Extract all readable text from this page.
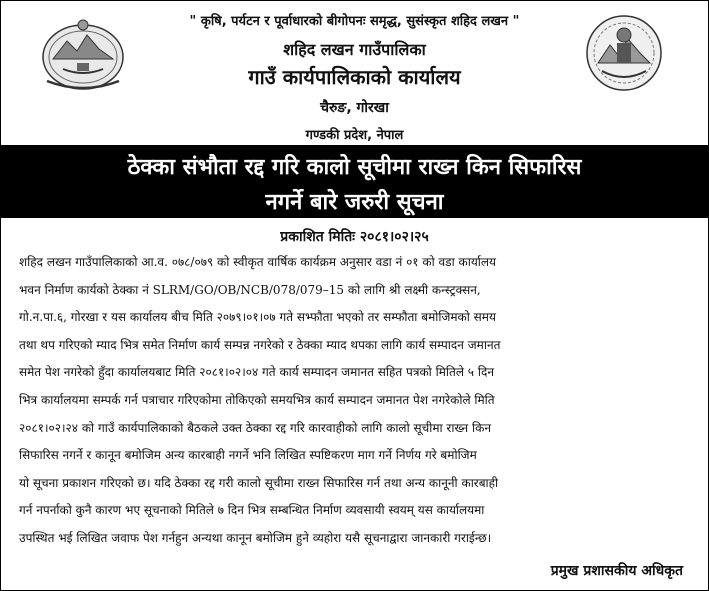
" कृषि, पर्यटन र पूर्वाधारको बीगोपनः समृद्ध, सुसंस्कृत शहिद लखन "
शहिद लखन गाउँपालिका
गाउँ कार्यपालिकाको कार्यालय
चैरुङ, गोरखा
गण्डकी प्रदेश, नेपाल
ठेक्का संभौता रद्द गरि कालो सूचीमा राख्न किन सिफारिस
नगर्ने बारे जरुरी सूचना
प्रकाशित मितिः २०८१।०२।२५
शहिद लखन गाउँपालिकाको आ.व. ०७८/०७९ को स्वीकृत वार्षिक कार्यक्रम अनुसार वडा नं ०१ को वडा कार्यालय
भवन निर्माण कार्यको ठेक्का नं SLRM/GO/OB/NCB/078/079–15 को लागि श्री लक्ष्मी कन्स्ट्रक्सन,
गो.न.पा.६, गोरखा र यस कार्यालय बीच मिति २०७९।०१।०७ गते सभ्फौता भएको तर सम्फौता बमोजिमको समय
तथा थप गरिएको म्याद भित्र समेत निर्माण कार्य सम्पन्न नगरेको र ठेक्का म्याद थपका लागि कार्य सम्पादन जमानत
समेत पेश नगरेको हुँदा कार्यालयबाट मिति २०८१।०२।०४ गते कार्य सम्पादन जमानत सहित पत्रको मितिले ५ दिन
भित्र कार्यालयमा सम्पर्क गर्न पत्राचार गरिएकोमा तोकिएको समयभित्र कार्य सम्पादन जमानत पेश नगरेकोले मिति
२०८१।०२।२४ को गाउँ कार्यपालिकाको बैठकले उक्त ठेक्का रद्द गरि कारवाहीको लागि कालो सूचीमा राख्न किन
सिफारिस नगर्ने र कानून बमोजिम अन्य कारबाही नगर्ने भनि लिखित स्पष्टिकरण माग गर्ने निर्णय गरे बमोजिम
यो सूचना प्रकाशन गरिएको छ। यदि ठेक्का रद्द गरी कालो सूचीमा राख्न सिफारिस गर्न तथा अन्य कानूनी कारबाही
गर्न नपर्नाको कुनै कारण भए सूचनाको मितिले ७ दिन भित्र सम्बन्धित निर्माण व्यवसायी स्वयम् यस कार्यालयमा
उपस्थित भई लिखित जवाफ पेश गर्नहुन अन्यथा कानून बमोजिम हुने व्यहोरा यसै सूचनाद्वारा जानकारी गराईन्छ।
प्रमुख प्रशासकीय अधिकृत
